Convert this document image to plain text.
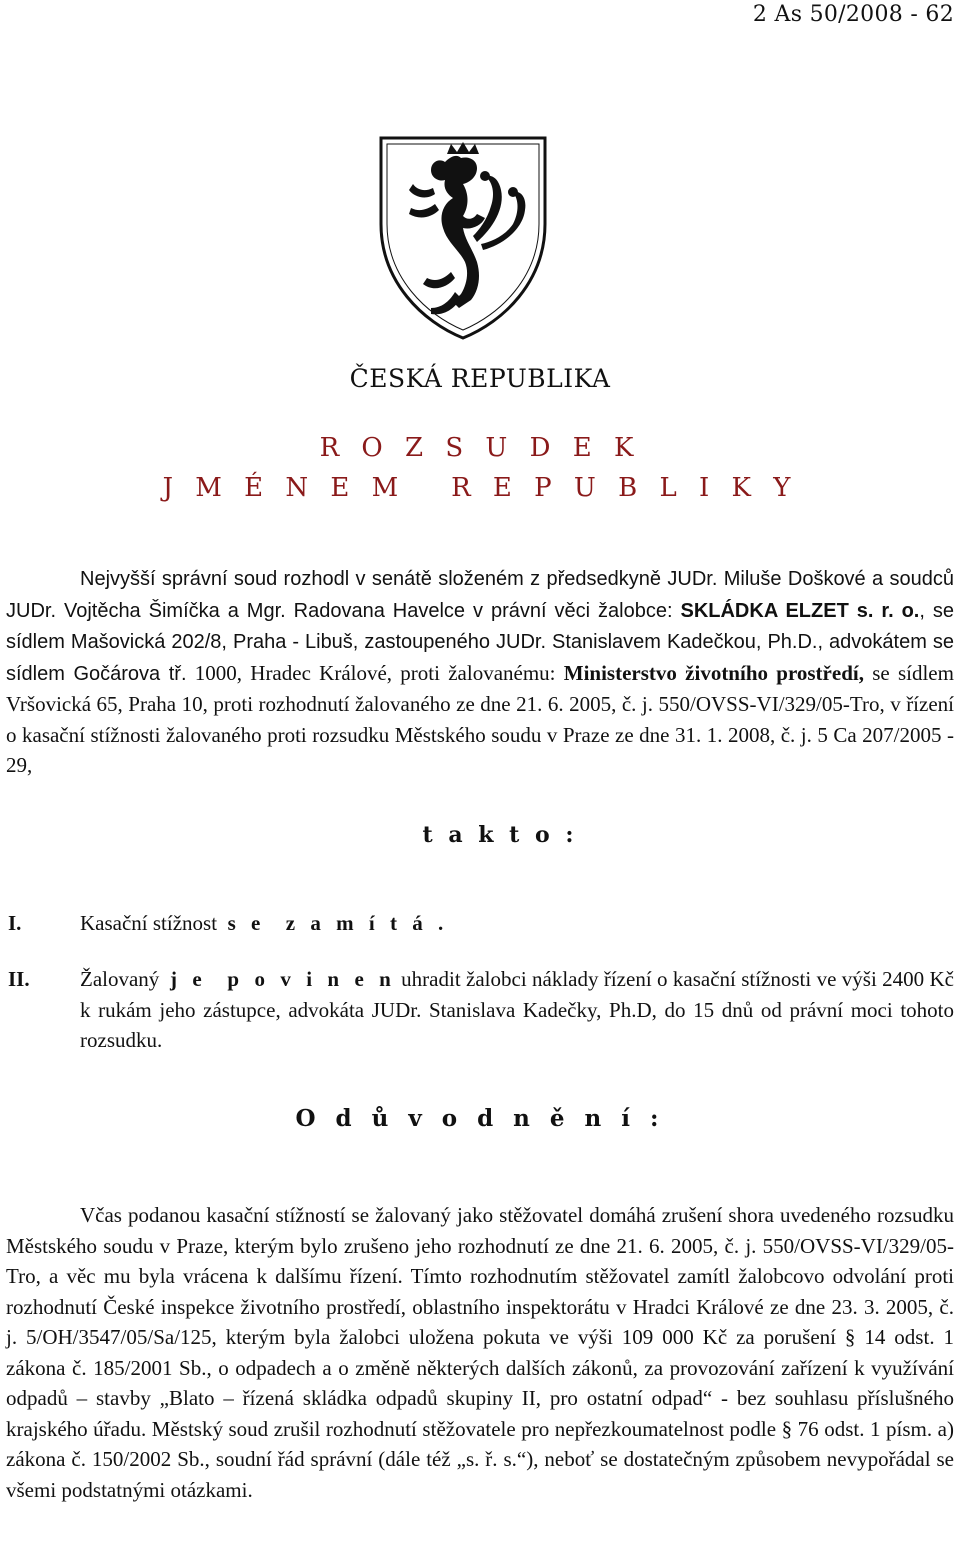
2 As 50/2008 - 62
ČESKÁ REPUBLIKA
R O Z S U D E K
J M É N E M   R E P U B L I K Y
Nejvyšší správní soud rozhodl v senátě složeném z předsedkyně JUDr. Miluše Doškové a soudců JUDr. Vojtěcha Šimíčka a Mgr. Radovana Havelce v právní věci žalobce: SKLÁDKA ELZET s. r. o., se sídlem Mašovická 202/8, Praha - Libuš, zastoupeného JUDr. Stanislavem Kadečkou, Ph.D., advokátem se sídlem Gočárova tř. 1000, Hradec Králové, proti žalovanému: Ministerstvo životního prostředí, se sídlem Vršovická 65, Praha 10, proti rozhodnutí žalovaného ze dne 21. 6. 2005, č. j. 550/OVSS-VI/329/05-Tro, v řízení o kasační stížnosti žalovaného proti rozsudku Městského soudu v Praze ze dne 31. 1. 2008, č. j. 5 Ca 207/2005 - 29,
t a k t o :
I.	Kasační stížnost  s e  z a m í t á .
II. Žalovaný  j e  p o v i n e n uhradit žalobci náklady řízení o kasační stížnosti ve výši 2400 Kč k rukám jeho zástupce, advokáta JUDr. Stanislava Kadečky, Ph.D, do 15 dnů od právní moci tohoto rozsudku.
O d ů v o d n ě n í :
Včas podanou kasační stížností se žalovaný jako stěžovatel domáhá zrušení shora uvedeného rozsudku Městského soudu v Praze, kterým bylo zrušeno jeho rozhodnutí ze dne 21. 6. 2005, č. j. 550/OVSS-VI/329/05-Tro, a věc mu byla vrácena k dalšímu řízení. Tímto rozhodnutím stěžovatel zamítl žalobcovo odvolání proti rozhodnutí České inspekce životního prostředí, oblastního inspektorátu v Hradci Králové ze dne 23. 3. 2005, č. j. 5/OH/3547/05/Sa/125, kterým byla žalobci uložena pokuta ve výši 109 000 Kč za porušení § 14 odst. 1 zákona č. 185/2001 Sb., o odpadech a o změně některých dalších zákonů, za provozování zařízení k využívání odpadů – stavby „Blato – řízená skládka odpadů skupiny II, pro ostatní odpad“ - bez souhlasu příslušného krajského úřadu. Městský soud zrušil rozhodnutí stěžovatele pro nepřezkoumatelnost podle § 76 odst. 1 písm. a) zákona č. 150/2002 Sb., soudní řád správní (dále též „s. ř. s.“), neboť se dostatečným způsobem nevypořádal se všemi podstatnými otázkami.
